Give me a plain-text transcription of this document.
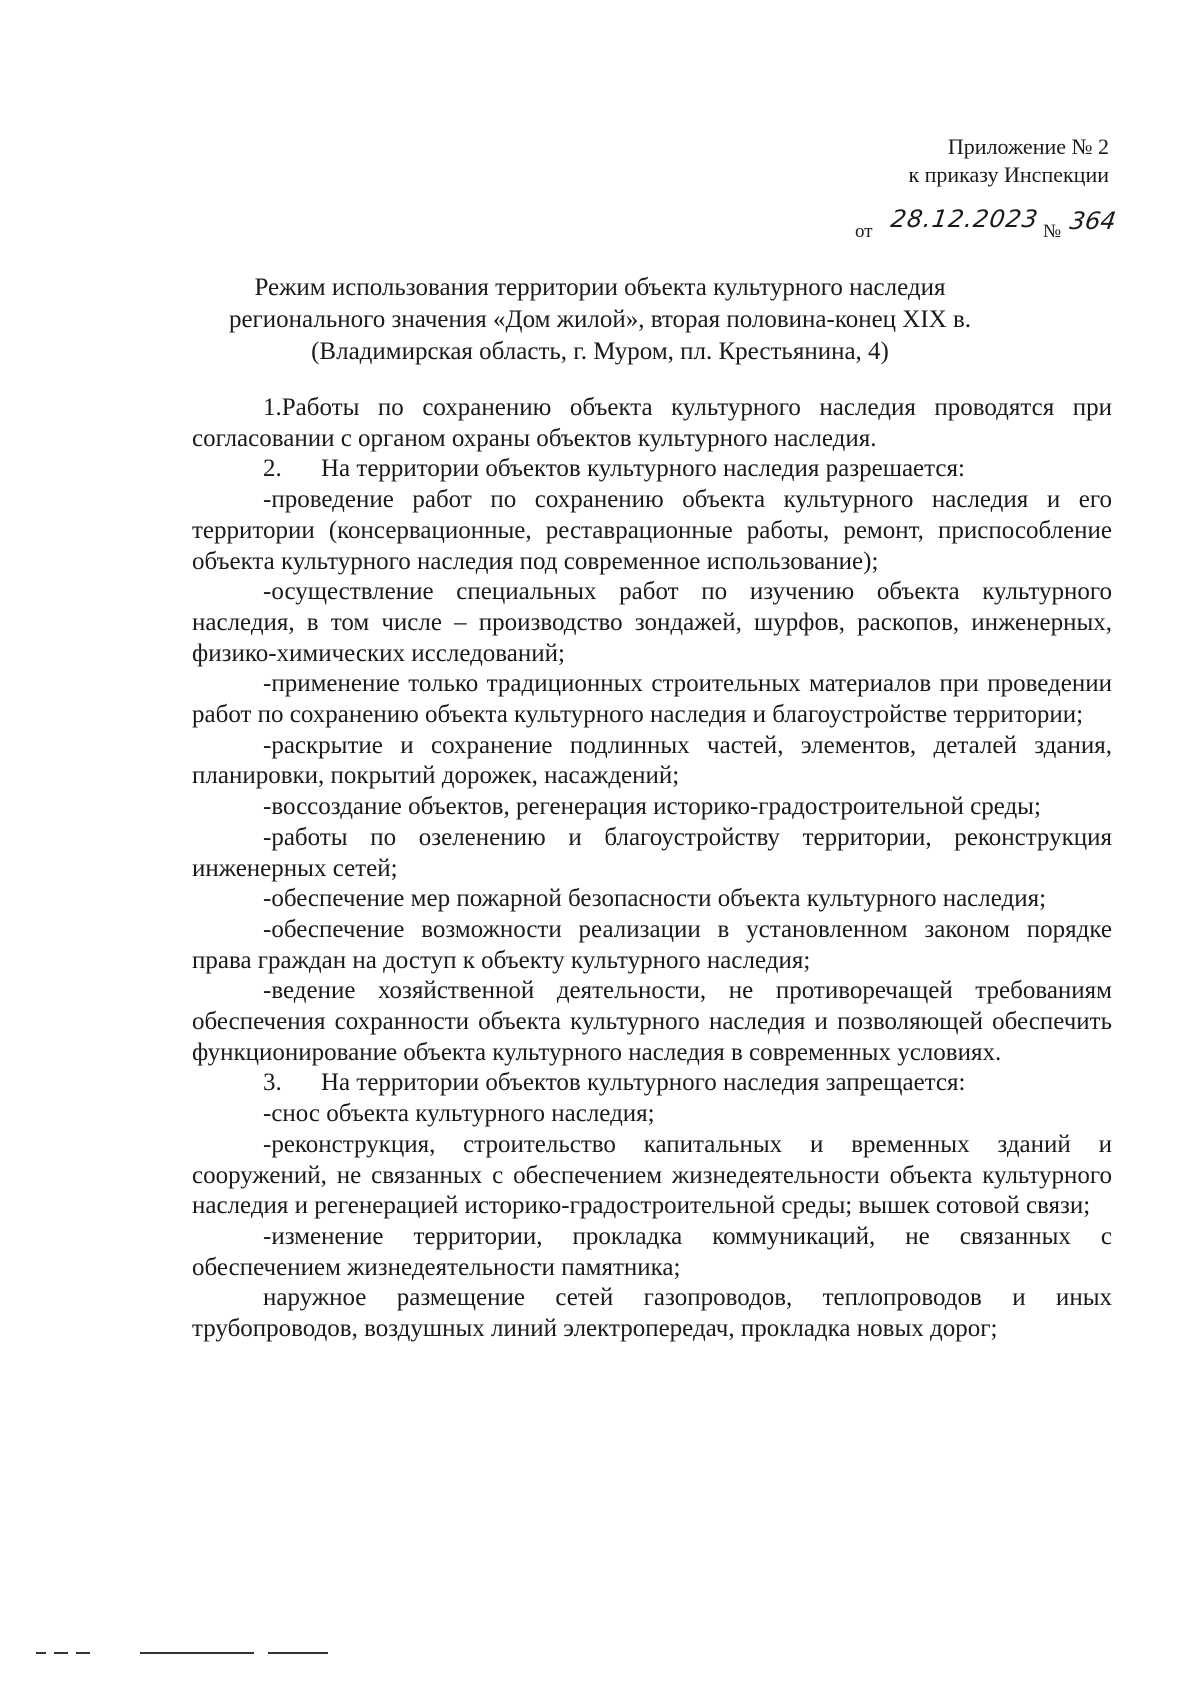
Приложение № 2
к приказу Инспекции
от 28.12.2023 № 364
Режим использования территории объекта культурного наследия
регионального значения «Дом жилой», вторая половина-конец XIX в.
(Владимирская область, г. Муром, пл. Крестьянина, 4)

1.Работы по сохранению объекта культурного наследия проводятся при согласовании с органом охраны объектов культурного наследия.

2. На территории объектов культурного наследия разрешается:

-проведение работ по сохранению объекта культурного наследия и его территории (консервационные, реставрационные работы, ремонт, приспособление объекта культурного наследия под современное использование);

-осуществление специальных работ по изучению объекта культурного наследия, в том числе – производство зондажей, шурфов, раскопов, инженерных, физико-химических исследований;

-применение только традиционных строительных материалов при проведении работ по сохранению объекта культурного наследия и благоустройстве территории;

-раскрытие и сохранение подлинных частей, элементов, деталей здания, планировки, покрытий дорожек, насаждений;

-воссоздание объектов, регенерация историко-градостроительной среды;

-работы по озеленению и благоустройству территории, реконструкция инженерных сетей;

-обеспечение мер пожарной безопасности объекта культурного наследия;

-обеспечение возможности реализации в установленном законом порядке права граждан на доступ к объекту культурного наследия;

-ведение хозяйственной деятельности, не противоречащей требованиям обеспечения сохранности объекта культурного наследия и позволяющей обеспечить функционирование объекта культурного наследия в современных условиях.

3. На территории объектов культурного наследия запрещается:

-снос объекта культурного наследия;

-реконструкция, строительство капитальных и временных зданий и сооружений, не связанных с обеспечением жизнедеятельности объекта культурного наследия и регенерацией историко-градостроительной среды; вышек сотовой связи;

-изменение территории, прокладка коммуникаций, не связанных с обеспечением жизнедеятельности памятника;

наружное размещение сетей газопроводов, теплопроводов и иных трубопроводов, воздушных линий электропередач, прокладка новых дорог;
